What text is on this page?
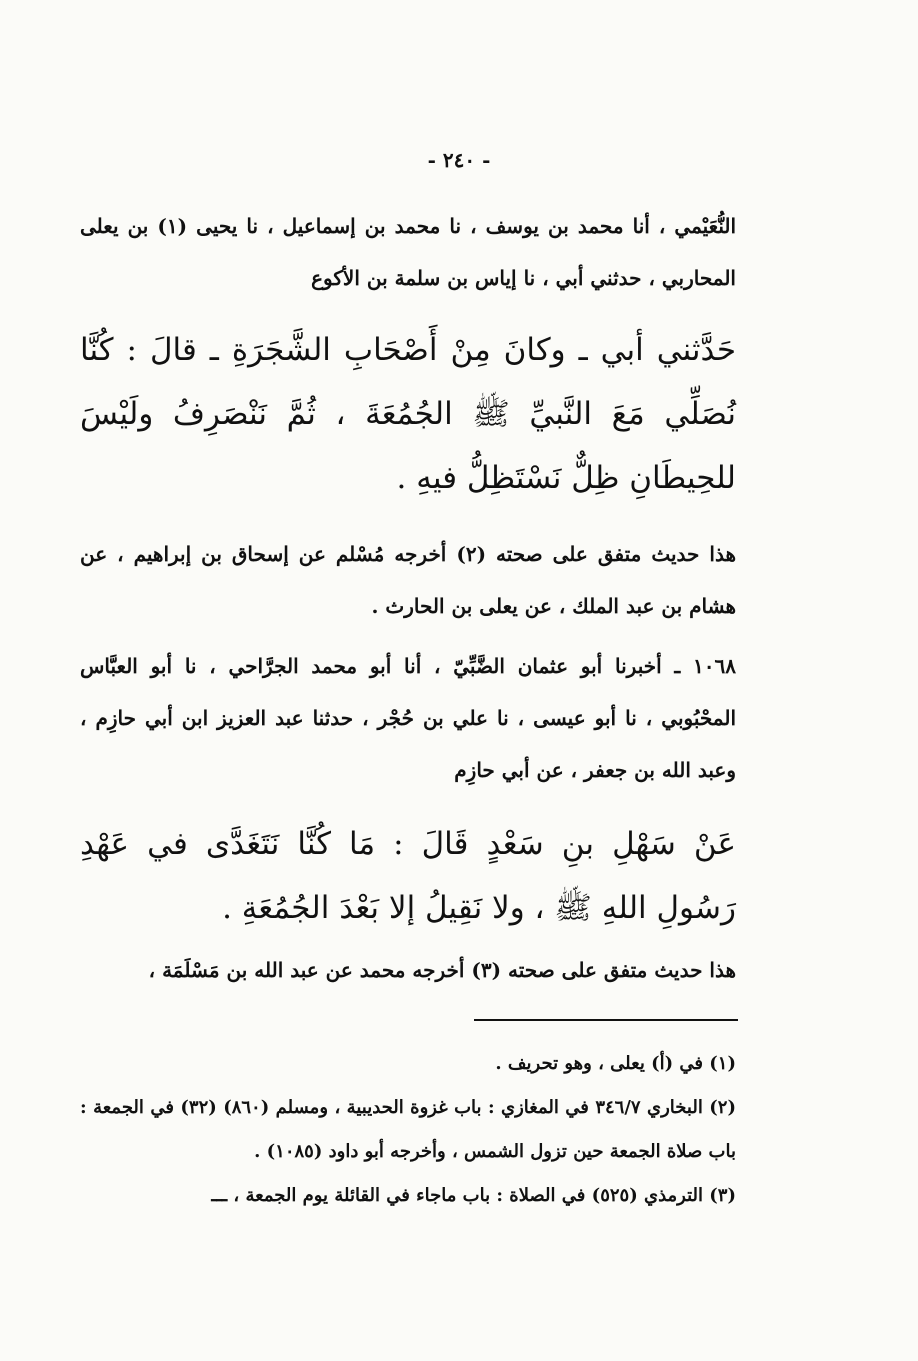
- ٢٤٠ -

النُّعَيْمي ، أنا محمد بن يوسف ، نا محمد بن إسماعيل ، نا يحيى (١) بن يعلى المحاربي ، حدثني أبي ، نا إياس بن سلمة بن الأكوع

حَدَّثني أبي ـ وكانَ مِنْ أَصْحَابِ الشَّجَرَةِ ـ قالَ : كُنَّا نُصَلِّي مَعَ النَّبيِّ ﷺ الجُمُعَةَ ، ثُمَّ نَنْصَرِفُ ولَيْسَ للحِيطَانِ ظِلٌّ نَسْتَظِلُّ فيهِ .

هذا حديث متفق على صحته (٢) أخرجه مُسْلم عن إسحاق بن إبراهيم ، عن هشام بن عبد الملك ، عن يعلى بن الحارث .

١٠٦٨ ـ أخبرنا أبو عثمان الضَّبِّيّ ، أنا أبو محمد الجرَّاحي ، نا أبو العبَّاس المحْبُوبي ، نا أبو عيسى ، نا علي بن حُجْر ، حدثنا عبد العزيز ابن أبي حازِم ، وعبد الله بن جعفر ، عن أبي حازِم

عَنْ سَهْلِ بنِ سَعْدٍ قَالَ : مَا كُنَّا نَتَغَدَّى في عَهْدِ رَسُولِ اللهِ ﷺ ، ولا نَقِيلُ إلا بَعْدَ الجُمُعَةِ .

هذا حديث متفق على صحته (٣) أخرجه محمد عن عبد الله بن مَسْلَمَة ،

(١) في (أ) يعلى ، وهو تحريف .

(٢) البخاري ٣٤٦/٧ في المغازي : باب غزوة الحديبية ، ومسلم (٨٦٠) (٣٢) في الجمعة : باب صلاة الجمعة حين تزول الشمس ، وأخرجه أبو داود (١٠٨٥) .

(٣) الترمذي (٥٢٥) في الصلاة : باب ماجاء في القائلة يوم الجمعة ، ـــ
